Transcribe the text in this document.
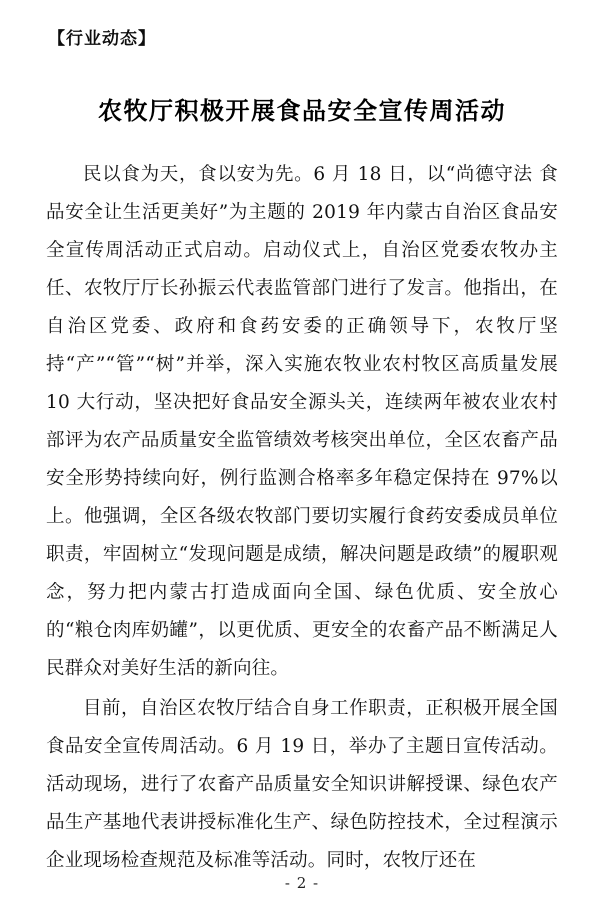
【行业动态】
农牧厅积极开展食品安全宣传周活动

民以食为天，食以安为先。6 月 18 日，以“尚德守法 食品安全让生活更美好”为主题的 2019 年内蒙古自治区食品安全宣传周活动正式启动。启动仪式上，自治区党委农牧办主任、农牧厅厅长孙振云代表监管部门进行了发言。他指出，在自治区党委、政府和食药安委的正确领导下，农牧厅坚持“产”“管”“树”并举，深入实施农牧业农村牧区高质量发展 10 大行动，坚决把好食品安全源头关，连续两年被农业农村部评为农产品质量安全监管绩效考核突出单位，全区农畜产品安全形势持续向好，例行监测合格率多年稳定保持在 97%以上。他强调，全区各级农牧部门要切实履行食药安委成员单位职责，牢固树立“发现问题是成绩，解决问题是政绩”的履职观念，努力把内蒙古打造成面向全国、绿色优质、安全放心的“粮仓肉库奶罐”，以更优质、更安全的农畜产品不断满足人民群众对美好生活的新向往。

目前，自治区农牧厅结合自身工作职责，正积极开展全国食品安全宣传周活动。6 月 19 日，举办了主题日宣传活动。活动现场，进行了农畜产品质量安全知识讲解授课、绿色农产品生产基地代表讲授标准化生产、绿色防控技术，全过程演示企业现场检查规范及标准等活动。同时，农牧厅还在

- 2 -
